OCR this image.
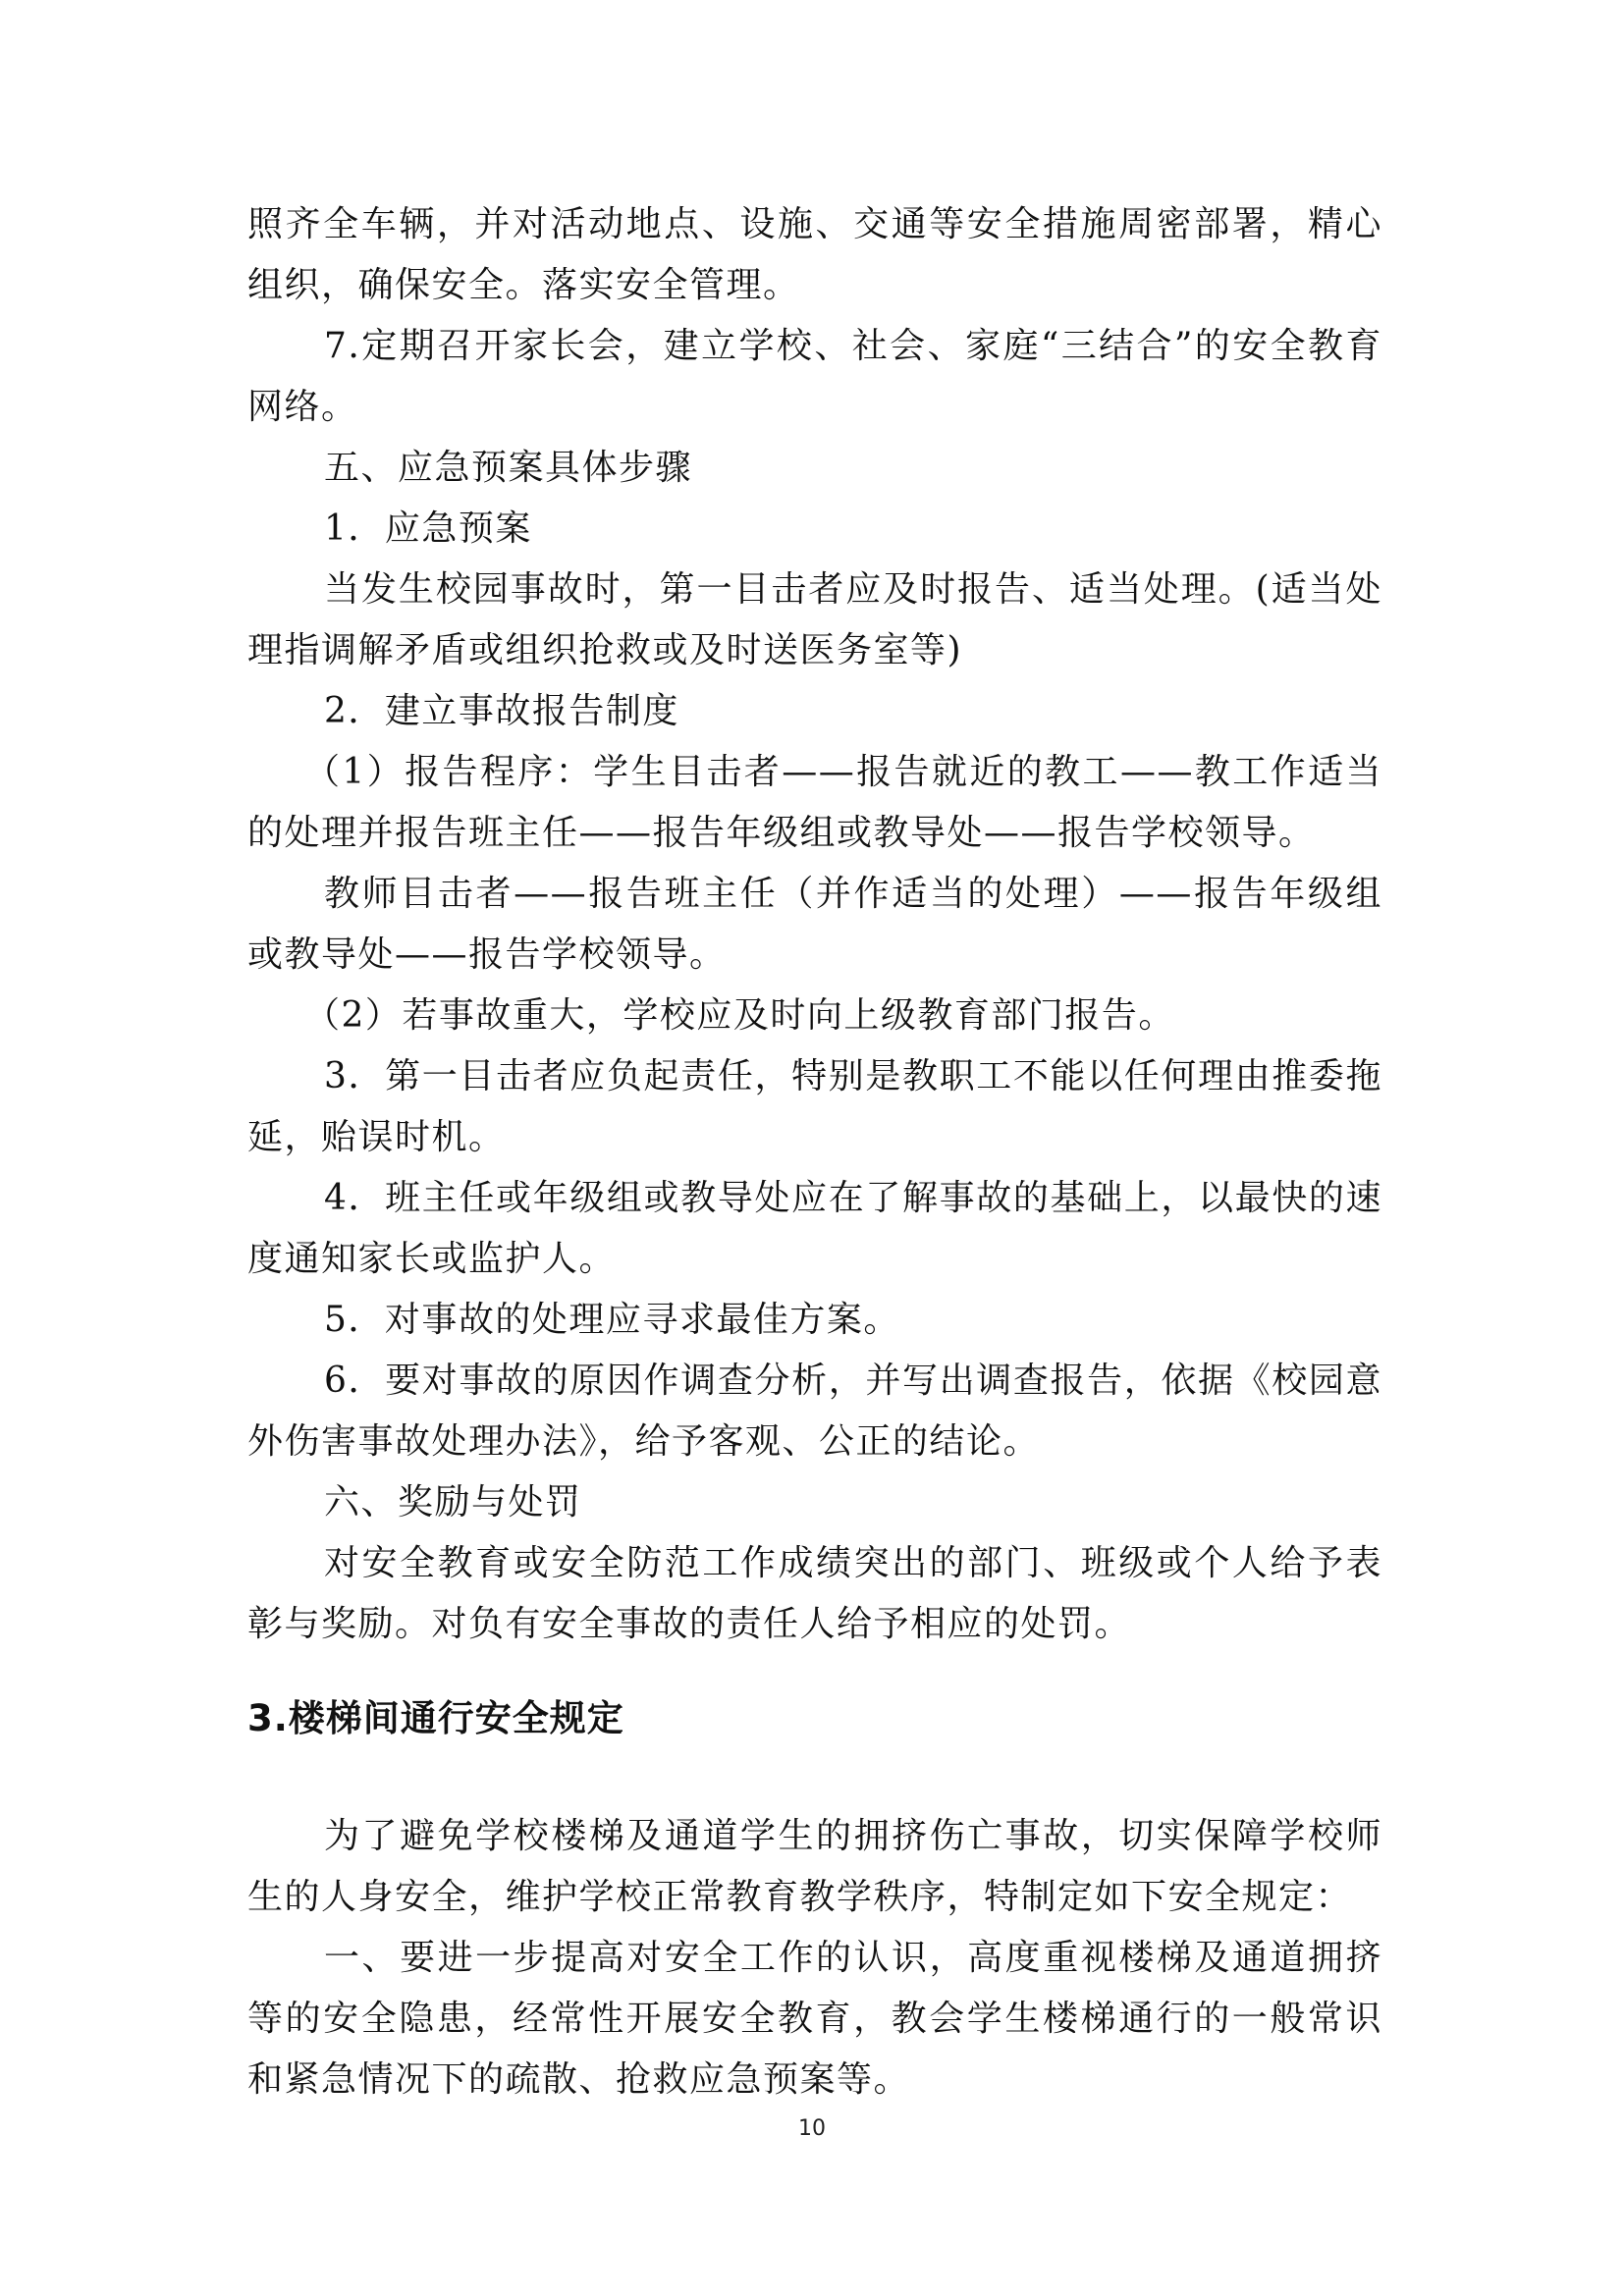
照齐全车辆，并对活动地点、设施、交通等安全措施周密部署，精心组织，确保安全。落实安全管理。

7.定期召开家长会，建立学校、社会、家庭“三结合”的安全教育网络。

五、应急预案具体步骤

1．应急预案

当发生校园事故时，第一目击者应及时报告、适当处理。(适当处理指调解矛盾或组织抢救或及时送医务室等)

2．建立事故报告制度

（1）报告程序：学生目击者——报告就近的教工——教工作适当的处理并报告班主任——报告年级组或教导处——报告学校领导。

教师目击者——报告班主任（并作适当的处理）——报告年级组或教导处——报告学校领导。

（2）若事故重大，学校应及时向上级教育部门报告。

3．第一目击者应负起责任，特别是教职工不能以任何理由推委拖延，贻误时机。

4．班主任或年级组或教导处应在了解事故的基础上，以最快的速度通知家长或监护人。

5．对事故的处理应寻求最佳方案。

6．要对事故的原因作调查分析，并写出调查报告，依据《校园意外伤害事故处理办法》，给予客观、公正的结论。

六、奖励与处罚

对安全教育或安全防范工作成绩突出的部门、班级或个人给予表彰与奖励。对负有安全事故的责任人给予相应的处罚。

3.楼梯间通行安全规定

为了避免学校楼梯及通道学生的拥挤伤亡事故，切实保障学校师生的人身安全，维护学校正常教育教学秩序，特制定如下安全规定：

一、要进一步提高对安全工作的认识，高度重视楼梯及通道拥挤等的安全隐患，经常性开展安全教育，教会学生楼梯通行的一般常识和紧急情况下的疏散、抢救应急预案等。

10
